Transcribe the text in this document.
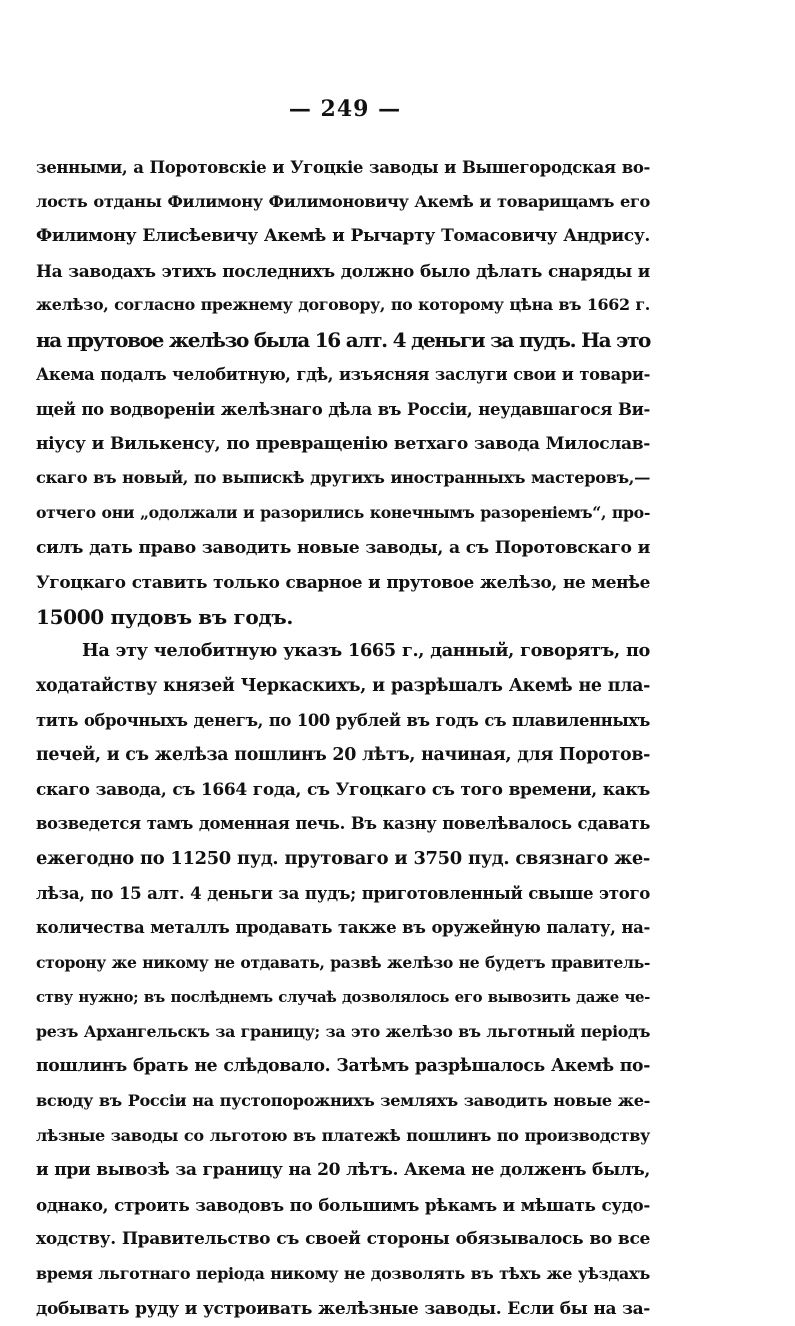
— 249 —
зенными, а Поротовскіе и Угоцкіе заводы и Вышегородская во-
лость отданы Филимону Филимоновичу Акемѣ и товарищамъ его
Филимону Елисѣевичу Акемѣ и Рычарту Томасовичу Андрису.
На заводахъ этихъ последнихъ должно было дѣлать снаряды и
желѣзо, согласно прежнему договору, по которому цѣна въ 1662 г.
на прутовое желѣзо была 16 алт. 4 деньги за пудъ. На это
Акема подалъ челобитную, гдѣ, изъясняя заслуги свои и товари-
щей по водворенiи желѣзнаго дѣла въ Россіи, неудавшагося Ви-
ніусу и Вилькенсу, по превращенiю ветхаго завода Милослав-
скаго въ новый, по выпискѣ другихъ иностранныхъ мастеровъ,—
отчего они „одолжали и разорились конечнымъ разореніемъ“, про-
силъ дать право заводить новые заводы, а съ Поротовскаго и
Угоцкаго ставить только сварное и прутовое желѣзо, не менѣе
15000 пудовъ въ годъ.
На эту челобитную указъ 1665 г., данный, говорятъ, по
ходатайству князей Черкаскихъ, и разрѣшалъ Акемѣ не пла-
тить оброчныхъ денегъ, по 100 рублей въ годъ съ плавиленныхъ
печей, и съ желѣза пошлинъ 20 лѣтъ, начиная, для Поротов-
скаго завода, съ 1664 года, съ Угоцкаго съ того времени, какъ
возведется тамъ доменная печь. Въ казну повелѣвалось сдавать
ежегодно по 11250 пуд. прутоваго и 3750 пуд. связнаго же-
лѣза, по 15 алт. 4 деньги за пудъ; приготовленный свыше этого
количества металлъ продавать также въ оружейную палату, на-
сторону же никому не отдавать, развѣ желѣзо не будетъ правитель-
ству нужно; въ послѣднемъ случаѣ дозволялось его вывозить даже че-
резъ Архангельскъ за границу; за это желѣзо въ льготный періодъ
пошлинъ брать не слѣдовало. Затѣмъ разрѣшалось Акемѣ по-
всюду въ Россіи на пустопорожнихъ земляхъ заводить новые же-
лѣзные заводы со льготою въ платежѣ пошлинъ по производству
и при вывозѣ за границу на 20 лѣтъ. Акема не долженъ былъ,
однако, строить заводовъ по большимъ рѣкамъ и мѣшать судо-
ходству. Правительство съ своей стороны обязывалось во все
время льготнаго періода никому не дозволять въ тѣхъ же уѣздахъ
добывать руду и устроивать желѣзные заводы. Если бы на за-
